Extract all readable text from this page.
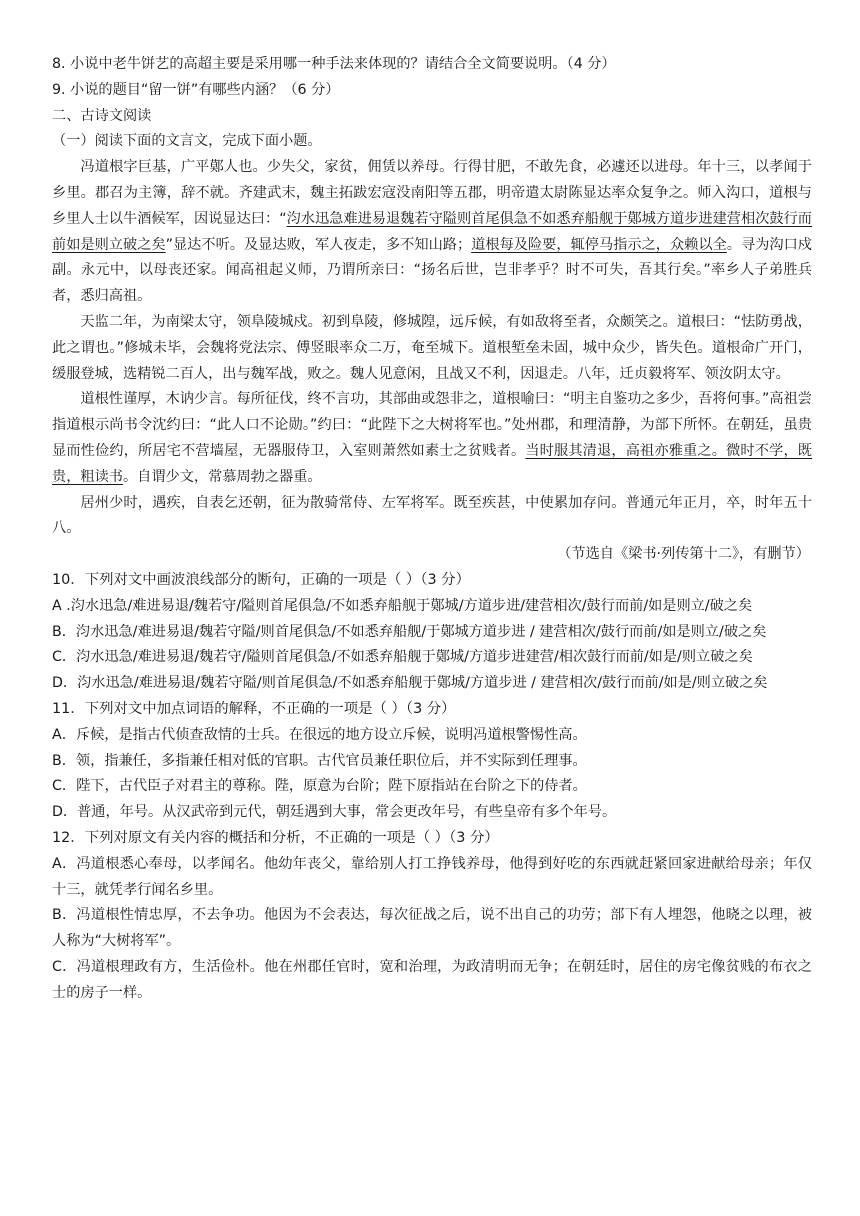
8. 小说中老牛饼艺的高超主要是采用哪一种手法来体现的？请结合全文简要说明。（4 分）

9. 小说的题目“留一饼”有哪些内涵？（6 分）

二、古诗文阅读

（一）阅读下面的文言文，完成下面小题。

冯道根字巨基，广平鄚人也。少失父，家贫，佣赁以养母。行得甘肥，不敢先食，必遽还以进母。年十三，以孝闻于乡里。郡召为主簿，辞不就。齐建武末，魏主拓跋宏寇没南阳等五郡，明帝遣太尉陈显达率众复争之。师入沟口，道根与乡里人士以牛酒候军，因说显达曰：“汮水迅急难进易退魏若守隘则首尾俱急不如悉弃船舰于鄚城方道步进建营相次鼓行而前如是则立破之矣”显达不听。及显达败，军人夜走，多不知山路；道根每及险要，辄停马指示之，众赖以全。寻为沟口戍副。永元中，以母丧还家。闻高祖起义师，乃谓所亲曰：“扬名后世，岂非孝乎？时不可失，吾其行矣。”率乡人子弟胜兵者，悉归高祖。

天监二年，为南梁太守，领阜陵城戍。初到阜陵，修城隍，远斥候，有如敌将至者，众颇笑之。道根曰：“怯防勇战，此之谓也。”修城未毕，会魏将党法宗、傅竖眼率众二万，奄至城下。道根堑垒未固，城中众少，皆失色。道根命广开门，缓服登城，选精锐二百人，出与魏军战，败之。魏人见意闲，且战又不利，因退走。八年，迁贞毅将军、领汝阴太守。

道根性谨厚，木讷少言。每所征伐，终不言功，其部曲或怨非之，道根喻曰：“明主自鉴功之多少，吾将何事。”高祖尝指道根示尚书令沈约曰：“此人口不论勋。”约曰：“此陛下之大树将军也。”处州郡，和理清静，为部下所怀。在朝廷，虽贵显而性俭约，所居宅不营墙屋，无器服侍卫，入室则萧然如素士之贫贱者。当时服其清退，高祖亦雅重之。微时不学，既贵，粗读书。自谓少文，常慕周勃之器重。

居州少时，遇疾，自表乞还朝，征为散骑常侍、左军将军。既至疾甚，中使累加存问。普通元年正月，卒，时年五十八。

（节选自《梁书·列传第十二》，有删节）

10．下列对文中画波浪线部分的断句，正确的一项是（ ）（3 分）

A .汮水迅急/难进易退/魏若守/隘则首尾俱急/不如悉弃船舰于鄚城/方道步进/建营相次/鼓行而前/如是则立/破之矣

B．汮水迅急/难进易退/魏若守隘/则首尾俱急/不如悉弃船舰/于鄚城方道步进 / 建营相次/鼓行而前/如是则立/破之矣

C．汮水迅急/难进易退/魏若守/隘则首尾俱急/不如悉弃船舰于鄚城/方道步进建营/相次鼓行而前/如是/则立破之矣

D．汮水迅急/难进易退/魏若守隘/则首尾俱急/不如悉弃船舰于鄚城/方道步进 / 建营相次/鼓行而前/如是/则立破之矣

11．下列对文中加点词语的解释，不正确的一项是（ ）（3 分）

A．斥候，是指古代侦查敌情的士兵。在很远的地方设立斥候，说明冯道根警惕性高。

B．领，指兼任，多指兼任相对低的官职。古代官员兼任职位后，并不实际到任理事。

C．陛下，古代臣子对君主的尊称。陛，原意为台阶；陛下原指站在台阶之下的侍者。

D．普通，年号。从汉武帝到元代，朝廷遇到大事，常会更改年号，有些皇帝有多个年号。

12．下列对原文有关内容的概括和分析，不正确的一项是（ ）（3 分）

A．冯道根悉心奉母，以孝闻名。他幼年丧父，靠给别人打工挣钱养母，他得到好吃的东西就赶紧回家进献给母亲；年仅十三，就凭孝行闻名乡里。

B．冯道根性情忠厚，不去争功。他因为不会表达，每次征战之后，说不出自己的功劳；部下有人埋怨，他晓之以理，被人称为“大树将军”。

C．冯道根理政有方，生活俭朴。他在州郡任官时，宽和治理，为政清明而无争；在朝廷时，居住的房宅像贫贱的布衣之士的房子一样。
